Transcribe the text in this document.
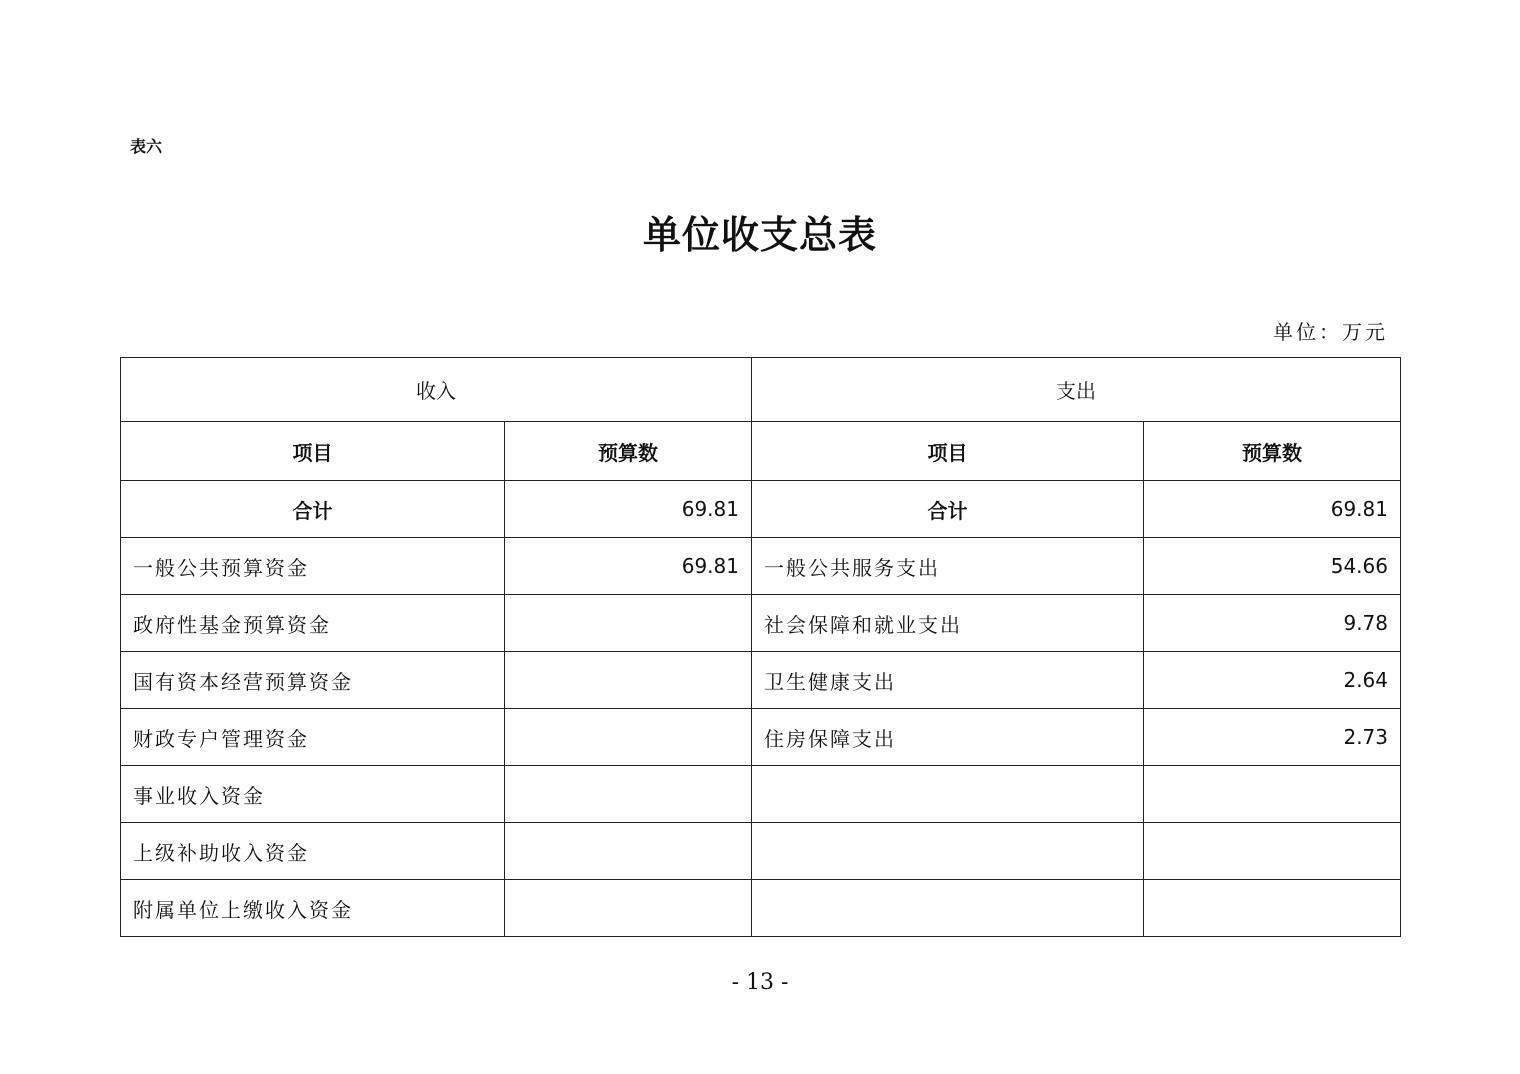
表六
单位收支总表
单位：万元
收入		支出	
项目	预算数	项目	预算数
合计	69.81	合计	69.81
一般公共预算资金	69.81	一般公共服务支出	54.66
政府性基金预算资金		社会保障和就业支出	9.78
国有资本经营预算资金		卫生健康支出	2.64
财政专户管理资金		住房保障支出	2.73
事业收入资金			
上级补助收入资金			
附属单位上缴收入资金			
- 13 -
